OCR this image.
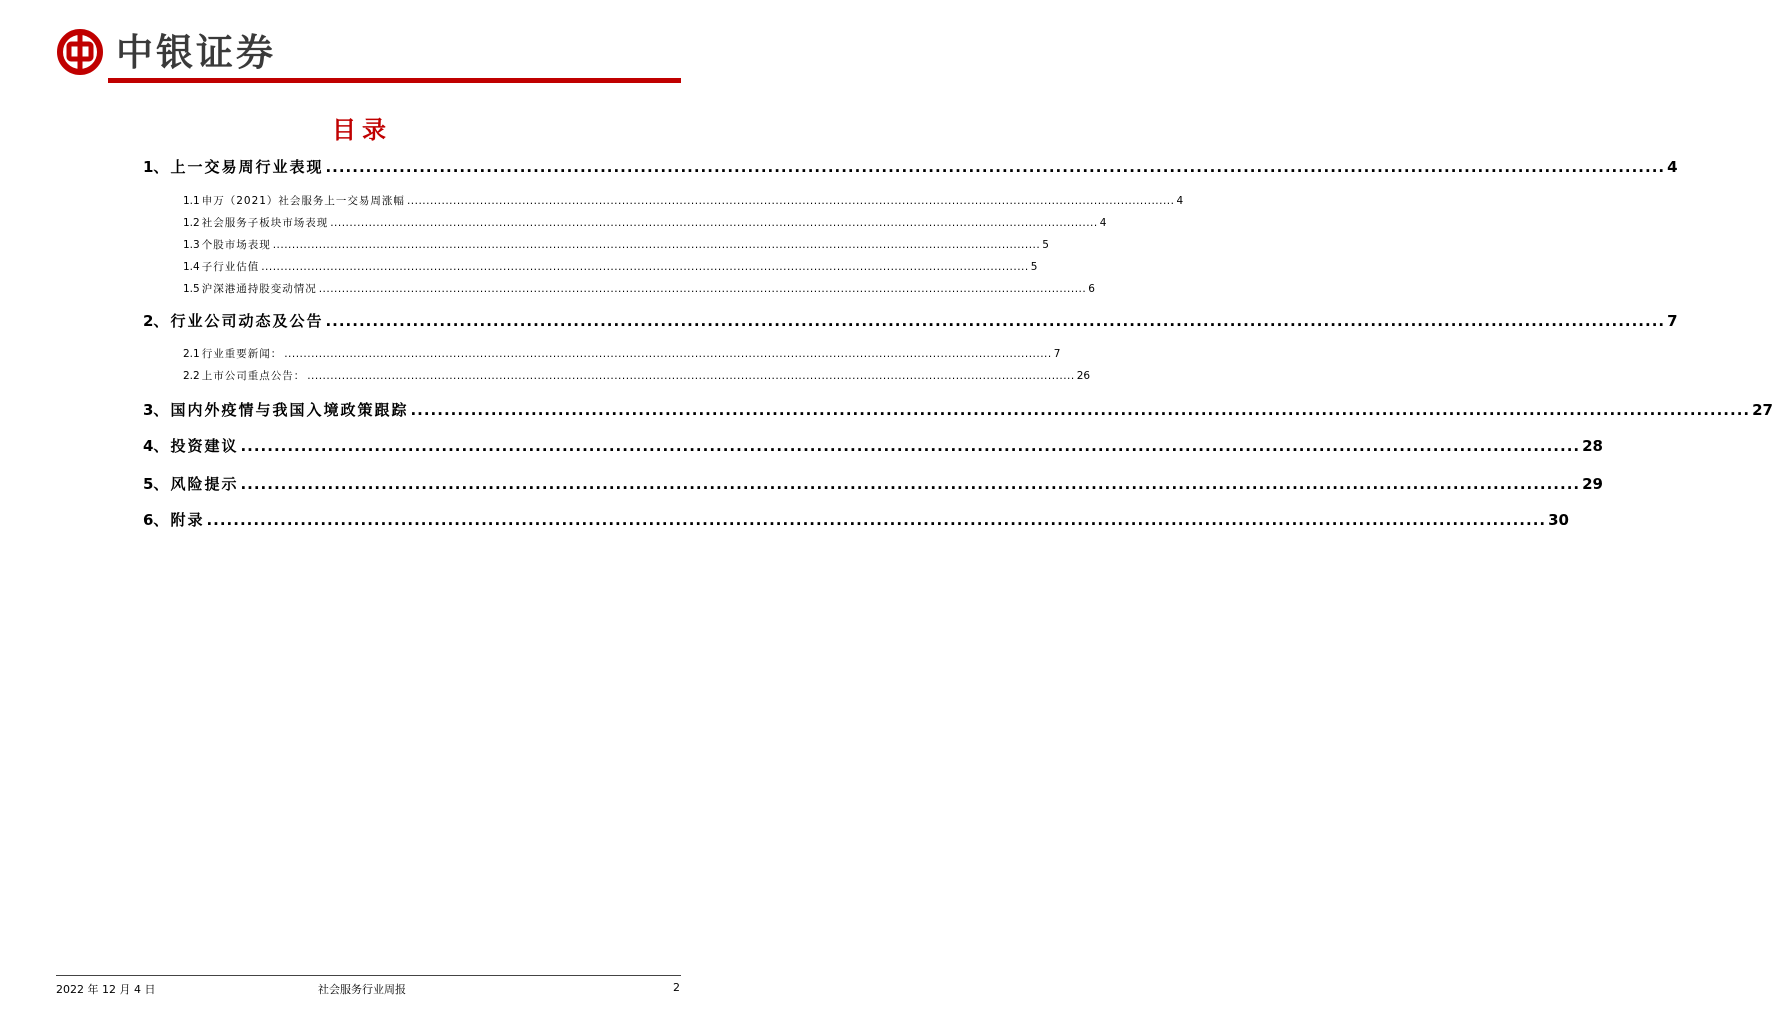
中银证券
目录
1、 上一交易周行业表现 ........................................................................................................................................................................................................ 4
1.1 申万（2021）社会服务上一交易周涨幅 ........................................................................................................................................................................................................ 4
1.2 社会服务子板块市场表现 ........................................................................................................................................................................................................ 4
1.3 个股市场表现 ........................................................................................................................................................................................................ 5
1.4 子行业估值 ........................................................................................................................................................................................................ 5
1.5 沪深港通持股变动情况 ........................................................................................................................................................................................................ 6
2、 行业公司动态及公告 ........................................................................................................................................................................................................ 7
2.1 行业重要新闻： ........................................................................................................................................................................................................ 7
2.2 上市公司重点公告： ........................................................................................................................................................................................................ 26
3、 国内外疫情与我国入境政策跟踪 ........................................................................................................................................................................................................ 27
4、 投资建议 ........................................................................................................................................................................................................ 28
5、 风险提示 ........................................................................................................................................................................................................ 29
6、 附录 ........................................................................................................................................................................................................ 30
2022 年 12 月 4 日	社会服务行业周报	2
